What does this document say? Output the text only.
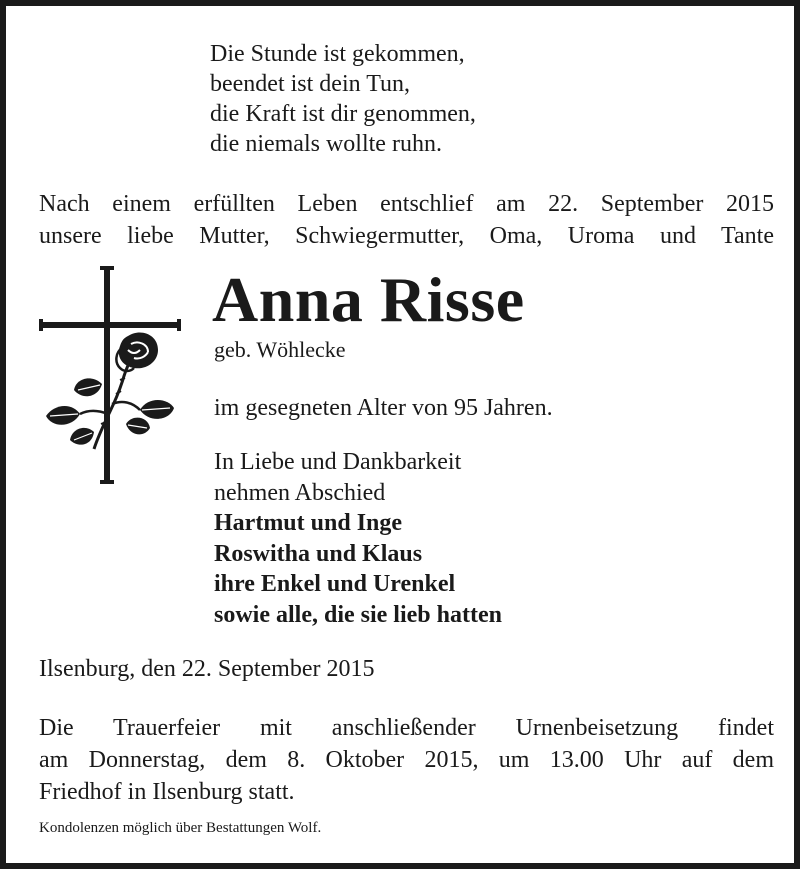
Die Stunde ist gekommen,
beendet ist dein Tun,
die Kraft ist dir genommen,
die niemals wollte ruhn.
Nach einem erfüllten Leben entschlief am 22. September 2015
unsere liebe Mutter, Schwiegermutter, Oma, Uroma und Tante
Anna Risse
geb. Wöhlecke
im gesegneten Alter von 95 Jahren.
In Liebe und Dankbarkeit
nehmen Abschied
Hartmut und Inge
Roswitha und Klaus
ihre Enkel und Urenkel
sowie alle, die sie lieb hatten
Ilsenburg, den 22. September 2015
Die Trauerfeier mit anschließender Urnenbeisetzung findet
am Donnerstag, dem 8. Oktober 2015, um 13.00 Uhr auf dem
Friedhof in Ilsenburg statt.
Kondolenzen möglich über Bestattungen Wolf.
